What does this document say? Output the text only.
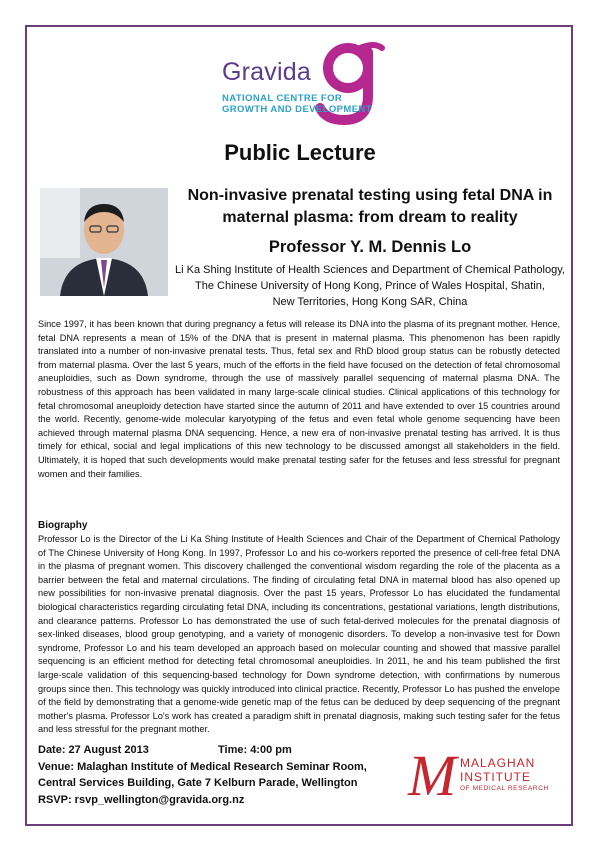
Gravida
NATIONAL CENTRE FOR
GROWTH AND DEVELOPMENT
Public Lecture
Non-invasive prenatal testing using fetal DNA in
maternal plasma: from dream to reality
Professor Y. M. Dennis Lo

Li Ka Shing Institute of Health Sciences and Department of Chemical Pathology,
The Chinese University of Hong Kong, Prince of Wales Hospital, Shatin,
New Territories, Hong Kong SAR, China

Since 1997, it has been known that during pregnancy a fetus will release its DNA into the plasma of its pregnant mother. Hence, fetal DNA represents a mean of 15% of the DNA that is present in maternal plasma. This phenomenon has been rapidly translated into a number of non-invasive prenatal tests. Thus, fetal sex and RhD blood group status can be robustly detected from maternal plasma. Over the last 5 years, much of the efforts in the field have focused on the detection of fetal chromosomal aneuploidies, such as Down syndrome, through the use of massively parallel sequencing of maternal plasma DNA. The robustness of this approach has been validated in many large-scale clinical studies. Clinical applications of this technology for fetal chromosomal aneuploidy detection have started since the autumn of 2011 and have extended to over 15 countries around the world. Recently, genome-wide molecular karyotyping of the fetus and even fetal whole genome sequencing have been achieved through maternal plasma DNA sequencing. Hence, a new era of non-invasive prenatal testing has arrived. It is thus timely for ethical, social and legal implications of this new technology to be discussed amongst all stakeholders in the field. Ultimately, it is hoped that such developments would make prenatal testing safer for the fetuses and less stressful for pregnant women and their families.

Biography

Professor Lo is the Director of the Li Ka Shing Institute of Health Sciences and Chair of the Department of Chemical Pathology of The Chinese University of Hong Kong. In 1997, Professor Lo and his co-workers reported the presence of cell-free fetal DNA in the plasma of pregnant women. This discovery challenged the conventional wisdom regarding the role of the placenta as a barrier between the fetal and maternal circulations. The finding of circulating fetal DNA in maternal blood has also opened up new possibilities for non-invasive prenatal diagnosis. Over the past 15 years, Professor Lo has elucidated the fundamental biological characteristics regarding circulating fetal DNA, including its concentrations, gestational variations, length distributions, and clearance patterns. Professor Lo has demonstrated the use of such fetal-derived molecules for the prenatal diagnosis of sex-linked diseases, blood group genotyping, and a variety of monogenic disorders. To develop a non-invasive test for Down syndrome, Professor Lo and his team developed an approach based on molecular counting and showed that massive parallel sequencing is an efficient method for detecting fetal chromosomal aneuploidies. In 2011, he and his team published the first large-scale validation of this sequencing-based technology for Down syndrome detection, with confirmations by numerous groups since then. This technology was quickly introduced into clinical practice. Recently, Professor Lo has pushed the envelope of the field by demonstrating that a genome-wide genetic map of the fetus can be deduced by deep sequencing of the pregnant mother's plasma. Professor Lo's work has created a paradigm shift in prenatal diagnosis, making such testing safer for the fetus and less stressful for the pregnant mother.

Date: 27 August 2013	Time: 4:00 pm
Venue: Malaghan Institute of Medical Research Seminar Room,
Central Services Building, Gate 7 Kelburn Parade, Wellington
RSVP: rsvp_wellington@gravida.org.nz	M MALAGHAN
INSTITUTE
OF MEDICAL RESEARCH
